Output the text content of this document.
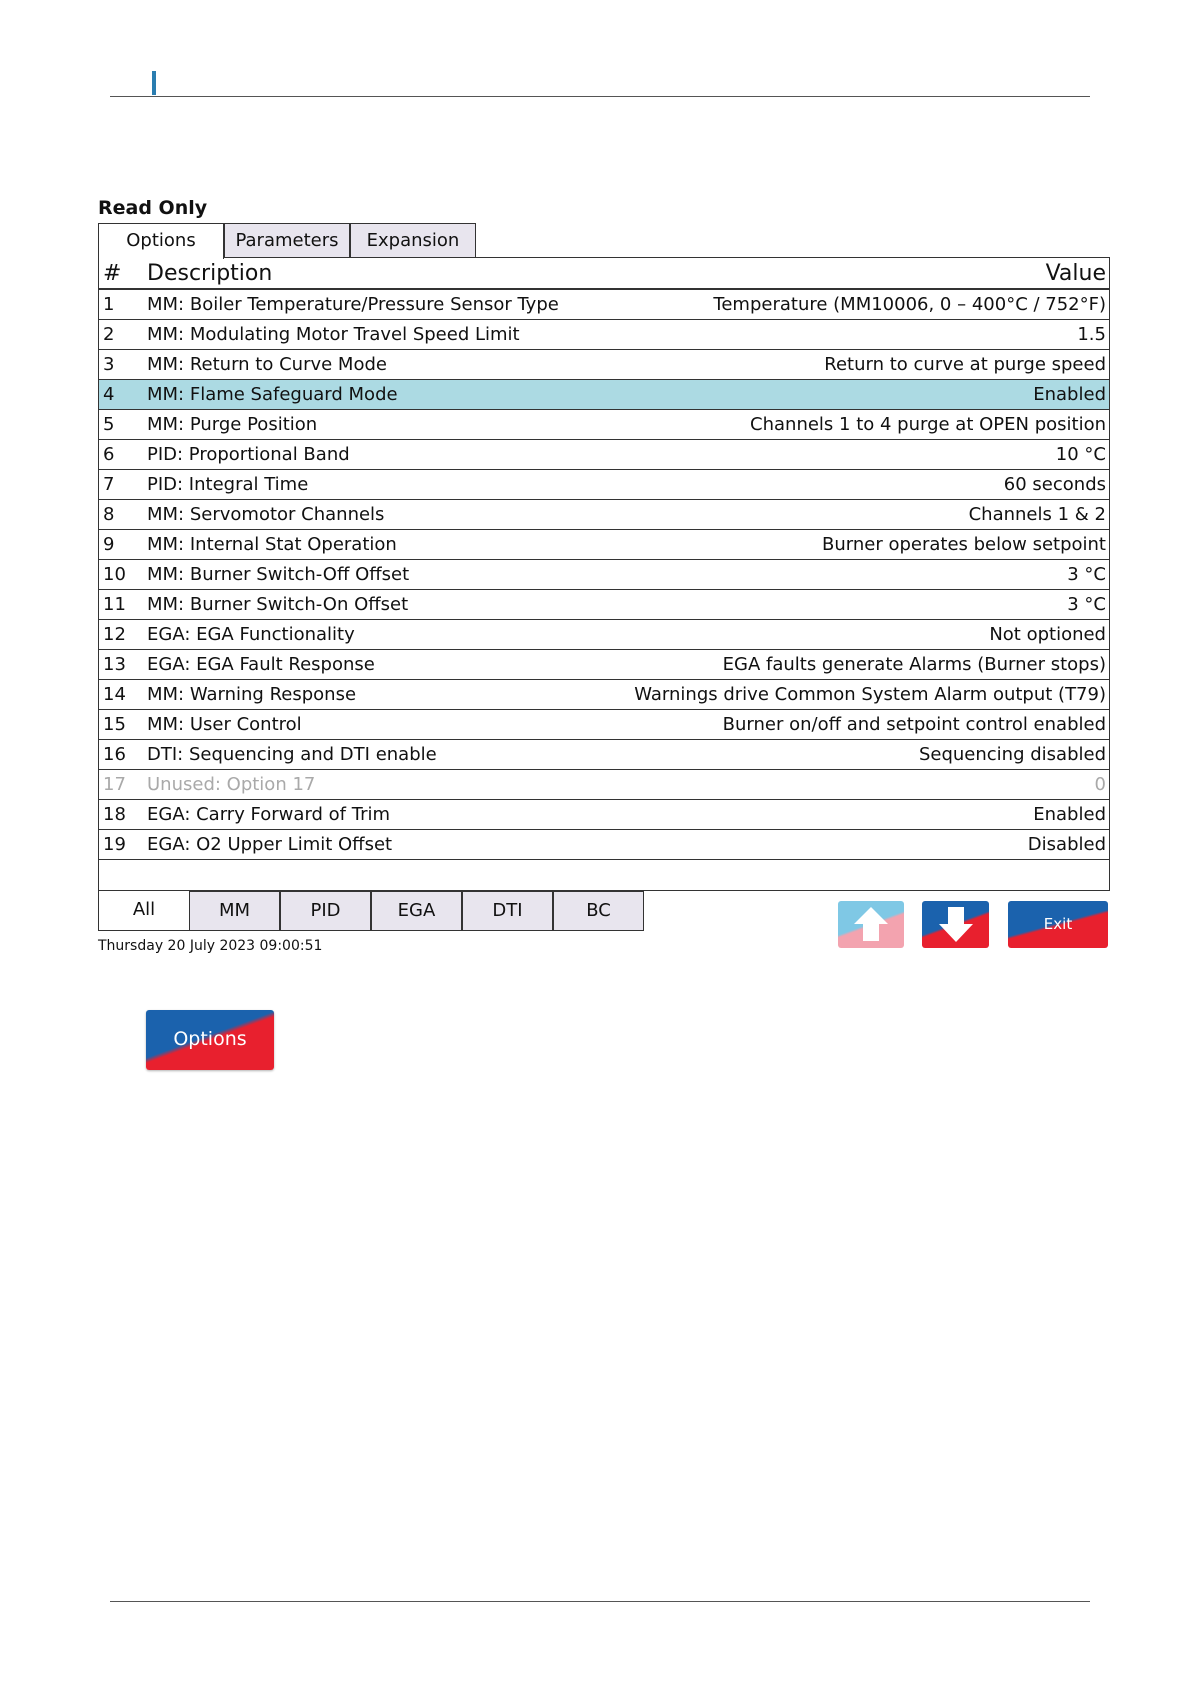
Read Only
Options	Parameters	Expansion
#	Description	Value
1	MM: Boiler Temperature/Pressure Sensor Type	Temperature (MM10006, 0 – 400°C / 752°F)
2	MM: Modulating Motor Travel Speed Limit	1.5
3	MM: Return to Curve Mode	Return to curve at purge speed
4	MM: Flame Safeguard Mode	Enabled
5	MM: Purge Position	Channels 1 to 4 purge at OPEN position
6	PID: Proportional Band	10 °C
7	PID: Integral Time	60 seconds
8	MM: Servomotor Channels	Channels 1 & 2
9	MM: Internal Stat Operation	Burner operates below setpoint
10	MM: Burner Switch-Off Offset	3 °C
11	MM: Burner Switch-On Offset	3 °C
12	EGA: EGA Functionality	Not optioned
13	EGA: EGA Fault Response	EGA faults generate Alarms (Burner stops)
14	MM: Warning Response	Warnings drive Common System Alarm output (T79)
15	MM: User Control	Burner on/off and setpoint control enabled
16	DTI: Sequencing and DTI enable	Sequencing disabled
17	Unused: Option 17	0
18	EGA: Carry Forward of Trim	Enabled
19	EGA: O2 Upper Limit Offset	Disabled
All	MM	PID	EGA	DTI	BC
Exit
Thursday 20 July 2023 09:00:51
Options
